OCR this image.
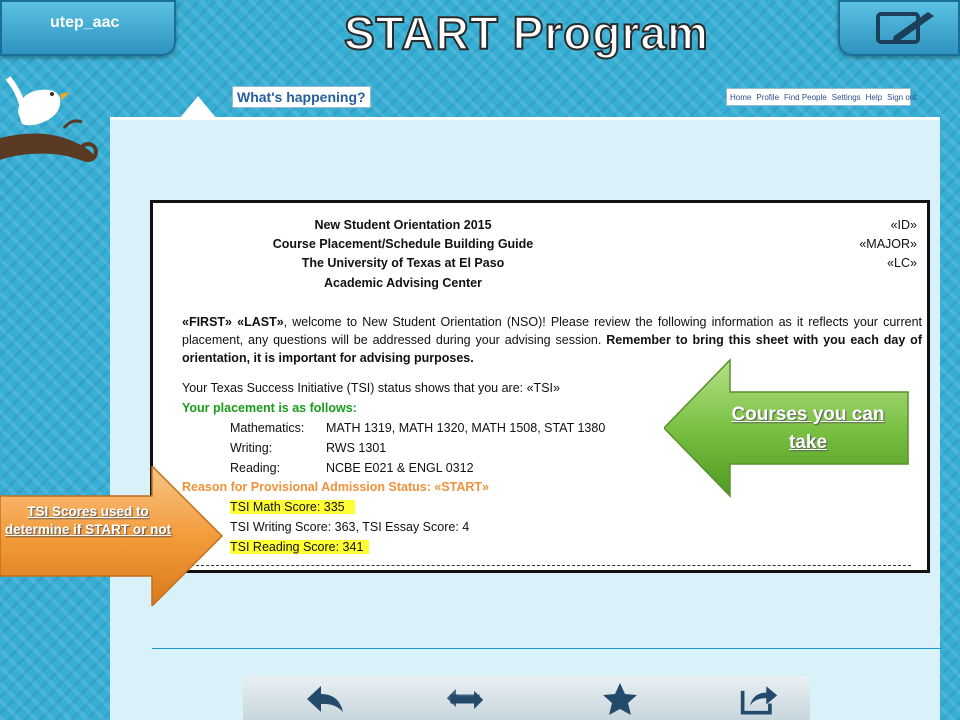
utep_aac	START Program
What's happening?	Home Profile Find People Settings Help Sign out
New Student Orientation 2015
Course Placement/Schedule Building Guide
The University of Texas at El Paso
Academic Advising Center
«ID»
«MAJOR»
«LC»
«FIRST» «LAST», welcome to New Student Orientation (NSO)! Please review the following information as it reflects your current placement, any questions will be addressed during your advising session. Remember to bring this sheet with you each day of orientation, it is important for advising purposes.
Your Texas Success Initiative (TSI) status shows that you are: «TSI»
Your placement is as follows:
Mathematics: MATH 1319, MATH 1320, MATH 1508, STAT 1380
Writing:	RWS 1301
Reading:	NCBE E021 & ENGL 0312
Reason for Provisional Admission Status: «START»
TSI Math Score: 335
TSI Writing Score: 363, TSI Essay Score: 4
TSI Reading Score: 341
Courses you can take
TSI Scores used to determine if START or not
